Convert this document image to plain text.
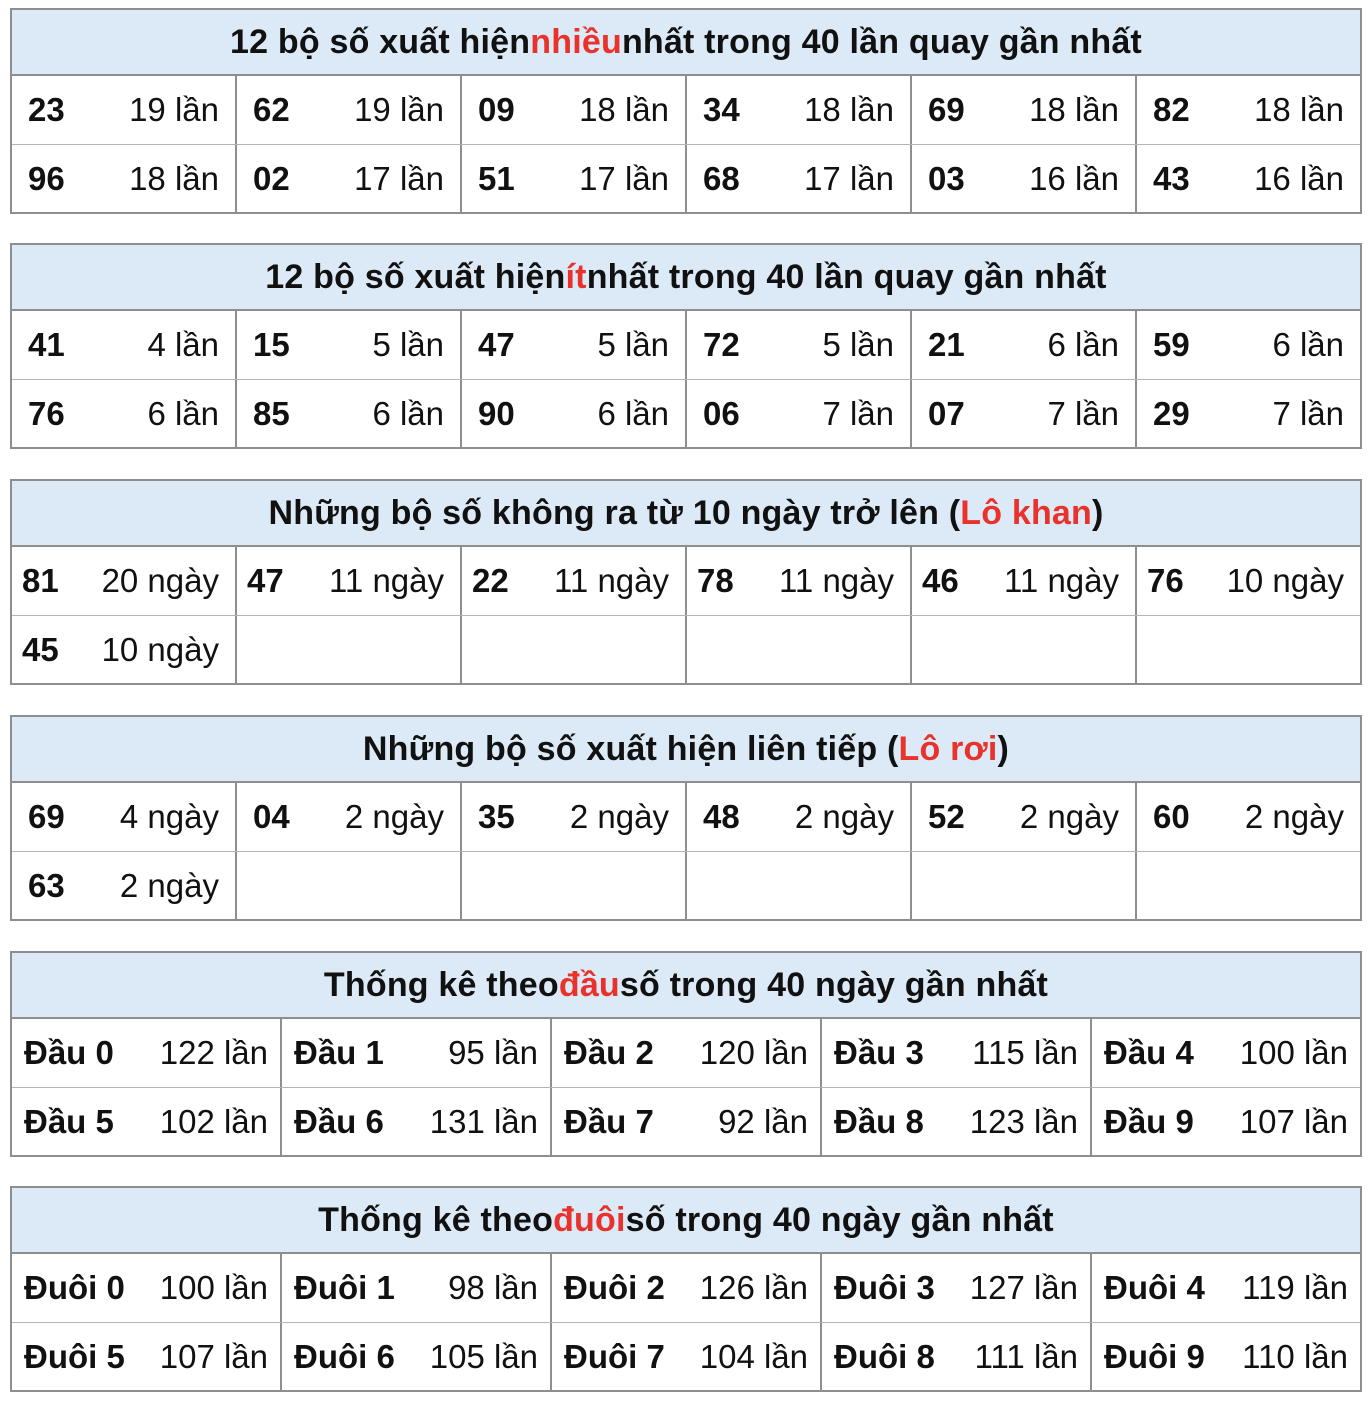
12 bộ số xuất hiện nhiều nhất trong 40 lần quay gần nhất
23	19 lần	62	19 lần	09	18 lần	34	18 lần	69	18 lần	82	18 lần
96	18 lần	02	17 lần	51	17 lần	68	17 lần	03	16 lần	43	16 lần
12 bộ số xuất hiện ít nhất trong 40 lần quay gần nhất
41	4 lần	15	5 lần	47	5 lần	72	5 lần	21	6 lần	59	6 lần
76	6 lần	85	6 lần	90	6 lần	06	7 lần	07	7 lần	29	7 lần
Những bộ số không ra từ 10 ngày trở lên ( Lô khan )
81	20 ngày 47	11 ngày 22	11 ngày 78	11 ngày 46	11 ngày 76	10 ngày
45	10 ngày
Những bộ số xuất hiện liên tiếp ( Lô rơi )
69	4 ngày	04	2 ngày	35	2 ngày	48	2 ngày	52	2 ngày	60	2 ngày
63	2 ngày
Thống kê theo đầu số trong 40 ngày gần nhất
Đầu 0 122 lần Đầu 1 95 lần Đầu 2 120 lần Đầu 3 115 lần Đầu 4 100 lần
Đầu 5 102 lần Đầu 6 131 lần Đầu 7 92 lần Đầu 8 123 lần Đầu 9 107 lần
Thống kê theo đuôi số trong 40 ngày gần nhất
Đuôi 0 100 lần Đuôi 1 98 lần Đuôi 2 126 lần Đuôi 3 127 lần Đuôi 4 119 lần
Đuôi 5 107 lần Đuôi 6 105 lần Đuôi 7 104 lần Đuôi 8 111 lần Đuôi 9 110 lần
